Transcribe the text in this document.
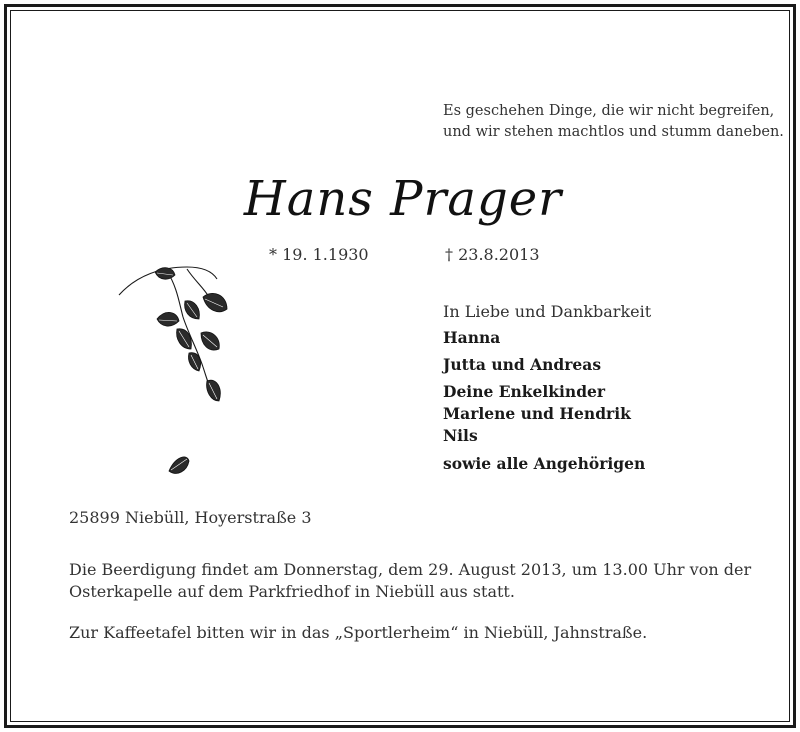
Es geschehen Dinge, die wir nicht begreifen,
und wir stehen machtlos und stumm daneben.
Hans Prager
* 19. 1.1930	† 23.8.2013
In Liebe und Dankbarkeit
Hanna
Jutta und Andreas
Deine Enkelkinder
Marlene und Hendrik
Nils
sowie alle Angehörigen
25899 Niebüll, Hoyerstraße 3

Die Beerdigung findet am Donnerstag, dem 29. August 2013, um 13.00 Uhr von der

Osterkapelle auf dem Parkfriedhof in Niebüll aus statt.

Zur Kaffeetafel bitten wir in das „Sportlerheim“ in Niebüll, Jahnstraße.
